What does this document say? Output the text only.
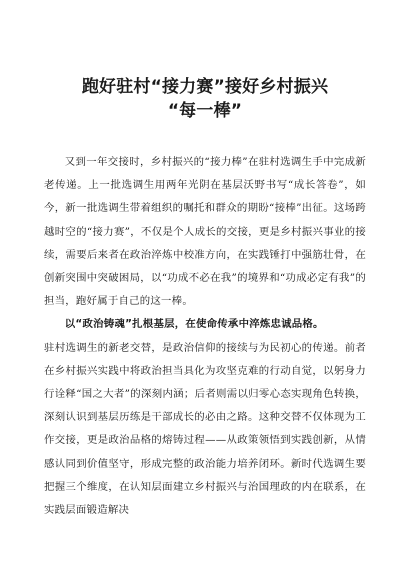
跑好驻村“接力赛”接好乡村振兴
“每一棒”

又到一年交接时，乡村振兴的“接力棒”在驻村选调生手中完成新老传递。上一批选调生用两年光阴在基层沃野书写“成长答卷”，如今，新一批选调生带着组织的嘱托和群众的期盼“接棒”出征。这场跨越时空的“接力赛”，不仅是个人成长的交接，更是乡村振兴事业的接续，需要后来者在政治淬炼中校准方向，在实践锤打中强筋壮骨，在创新突围中突破困局，以“功成不必在我”的境界和“功成必定有我”的担当，跑好属于自己的这一棒。

以“政治铸魂”扎根基层，在使命传承中淬炼忠诚品格。

驻村选调生的新老交替，是政治信仰的接续与为民初心的传递。前者在乡村振兴实践中将政治担当具化为攻坚克难的行动自觉，以躬身力行诠释“国之大者”的深刻内涵；后者则需以归零心态实现角色转换，深刻认识到基层历练是干部成长的必由之路。这种交替不仅体现为工作交接，更是政治品格的熔铸过程——从政策领悟到实践创新，从情感认同到价值坚守，形成完整的政治能力培养闭环。新时代选调生要把握三个维度，在认知层面建立乡村振兴与治国理政的内在联系，在实践层面锻造解决
